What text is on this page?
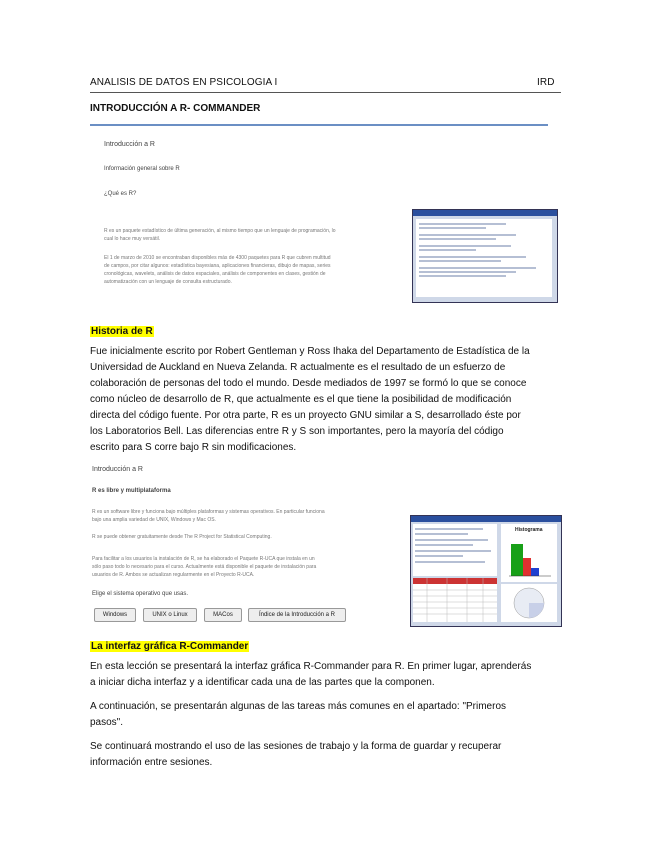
ANALISIS DE DATOS EN PSICOLOGIA I	IRD
INTRODUCCIÓN A R- COMMANDER
Introducción a R
Información general sobre R
¿Qué es R?
R es un paquete estadístico de última generación, al mismo tiempo que un lenguaje de programación, lo
cual lo hace muy versátil.
El 1 de marzo de 2010 se encontraban disponibles más de 4300 paquetes para R que cubren multitud
de campos, por citar algunos: estadística bayesiana, aplicaciones financieras, dibujo de mapas, series
cronológicas, wavelets, análisis de datos espaciales, análisis de componentes en clases, gestión de
automatización con un lenguaje de consulta estructurado.
Historia de R
Fue inicialmente escrito por Robert Gentleman y Ross Ihaka del Departamento de Estadística de la
Universidad de Auckland en Nueva Zelanda. R actualmente es el resultado de un esfuerzo de
colaboración de personas del todo el mundo. Desde mediados de 1997 se formó lo que se conoce
como núcleo de desarrollo de R, que actualmente es el que tiene la posibilidad de modificación
directa del código fuente. Por otra parte, R es un proyecto GNU similar a S, desarrollado éste por
los Laboratorios Bell. Las diferencias entre R y S son importantes, pero la mayoría del código
escrito para S corre bajo R sin modificaciones.
Introducción a R
R es libre y multiplataforma
R es un software libre y funciona bajo múltiples plataformas y sistemas operativos. En particular funciona
bajo una amplia variedad de UNIX, Windows y Mac OS.
R se puede obtener gratuitamente desde The R Project for Statistical Computing.
Para facilitar a los usuarios la instalación de R, se ha elaborado el Paquete R-UCA que instala en un
sólo paso todo lo necesario para el curso. Actualmente está disponible el paquete de instalación para
usuarios de R. Ambos se actualizan regularmente en el Proyecto R-UCA.
Elige el sistema operativo que usas.
Windows	UNIX o Linux	MACos	Índice de la Introducción a R
Histograma
La interfaz gráfica R-Commander
En esta lección se presentará la interfaz gráfica R-Commander para R. En primer lugar, aprenderás
a iniciar dicha interfaz y a identificar cada una de las partes que la componen.
A continuación, se presentarán algunas de las tareas más comunes en el apartado: "Primeros
pasos".
Se continuará mostrando el uso de las sesiones de trabajo y la forma de guardar y recuperar
información entre sesiones.
